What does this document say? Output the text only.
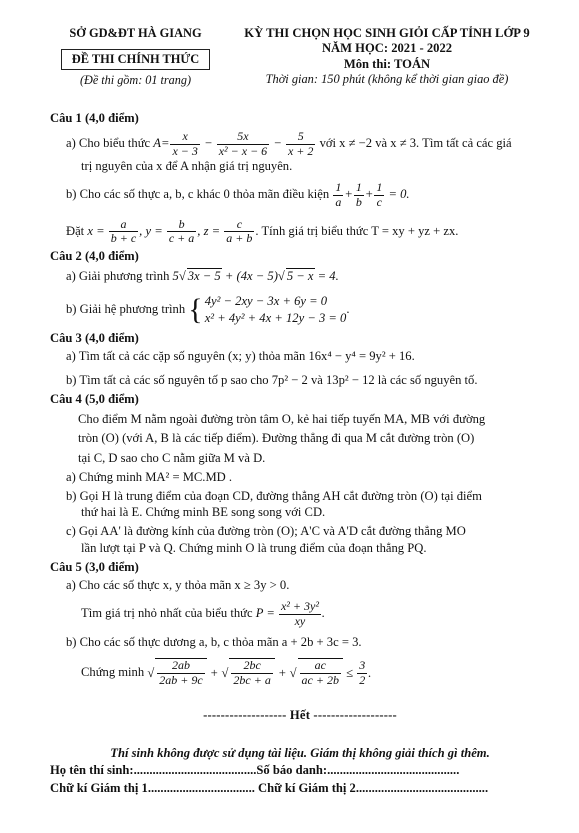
SỞ GD&ĐT HÀ GIANG
ĐỀ THI CHÍNH THỨC
(Đề thi gồm: 01 trang)
KỲ THI CHỌN HỌC SINH GIỎI CẤP TỈNH LỚP 9
NĂM HỌC: 2021 - 2022
Môn thi: TOÁN
Thời gian: 150 phút (không kể thời gian giao đề)
Câu 1 (4,0 điểm)
a) Cho biểu thức $A= \frac{x}{x - 3} - \frac{5x}{\text{x² − x − 6}} - \frac{5}{x + 2}$ với x ≠ −2 và x ≠ 3. Tìm tất cả các giá
trị nguyên của x để A nhận giá trị nguyên.
b) Cho các số thực a, b, c khác 0 thỏa mãn điều kiện $\frac{1}{a} + \frac{1}{b} + \frac{1}{c} = 0$.
Đặt $x = \frac{a}{b + c}$ , $y = \frac{b}{c + a}$ , $z = \frac{c}{a + b}$ . Tính giá trị biểu thức T = xy + yz + zx.
Câu 2 (4,0 điểm)
a) Giải phương trình 5√ 3x − 5 + (4x − 5)√ 5 − x = 4.
b) Giải hệ phương trình { 4y² − 2xy − 3x + 6y = 0
x² + 4y² + 4x + 12y − 3 = 0.
Câu 3 (4,0 điểm)
a) Tìm tất cả các cặp số nguyên (x; y) thỏa mãn 16x⁴ − y⁴ = 9y² + 16.
b) Tìm tất cả các số nguyên tố p sao cho 7p² − 2 và 13p² − 12 là các số nguyên tố.
Câu 4 (5,0 điểm)
Cho điểm M nằm ngoài đường tròn tâm O, kẻ hai tiếp tuyến MA, MB với đường
tròn (O) (với A, B là các tiếp điểm). Đường thẳng đi qua M cắt đường tròn (O)
tại C, D sao cho C nằm giữa M và D.
a) Chứng minh MA² = MC.MD .
b) Gọi H là trung điểm của đoạn CD, đường thẳng AH cắt đường tròn (O) tại điểm
thứ hai là E. Chứng minh BE song song với CD.
c) Gọi AA' là đường kính của đường tròn (O); A'C và A'D cắt đường thẳng MO
lần lượt tại P và Q. Chứng minh O là trung điểm của đoạn thẳng PQ.
Câu 5 (3,0 điểm)
a) Cho các số thực x, y thỏa mãn x ≥ 3y > 0.
Tìm giá trị nhỏ nhất của biểu thức $P = \frac{\text{x² + 3y²}}{xy}$ .
b) Cho các số thực dương a, b, c thỏa mãn a + 2b + 3c = 3.
Chứng minh √ $\frac{2ab}{2ab + 9c}$ + √ $\frac{2bc}{2bc + a}$ + √ $\frac{ac}{ac + 2b} \le \frac{3}{2}$ .
------------------- Hết -------------------
Thí sinh không được sử dụng tài liệu. Giám thị không giải thích gì thêm.
Họ tên thí sinh:.......................................Số báo danh:..........................................
Chữ kí Giám thị 1.................................. Chữ kí Giám thị 2..........................................
